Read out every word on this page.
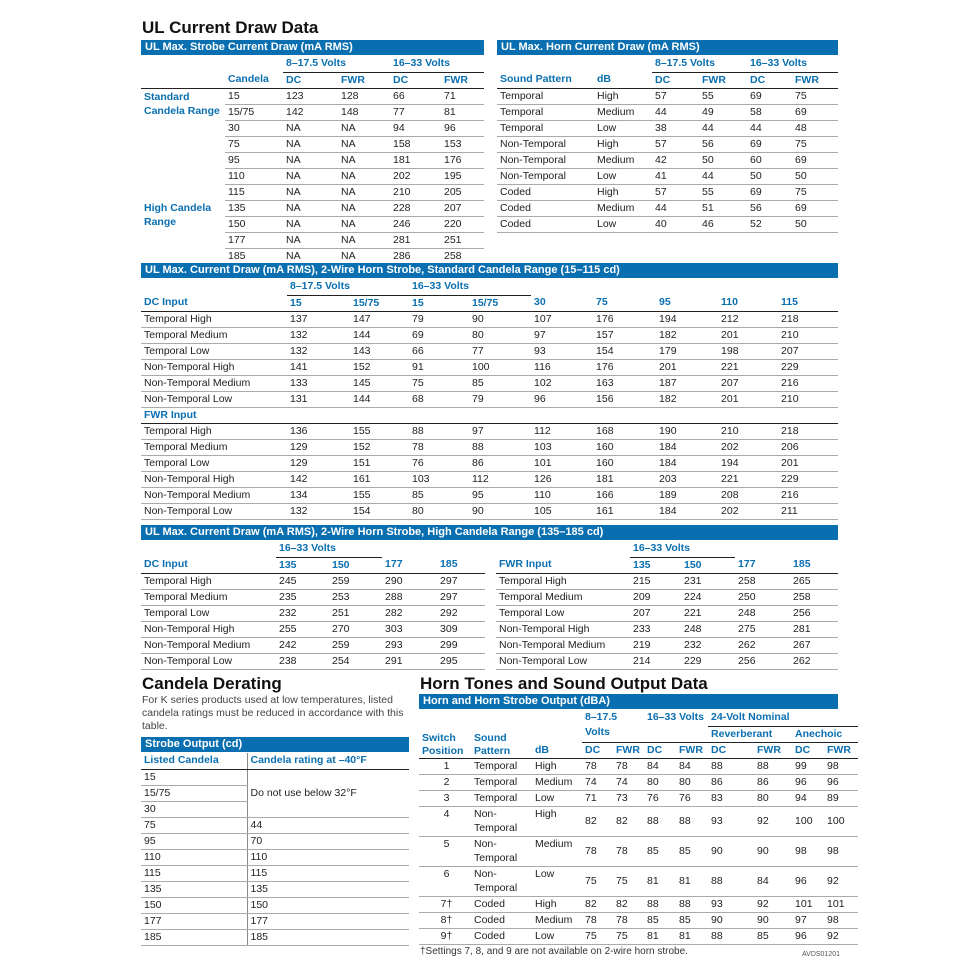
UL Current Draw Data
UL Max. Strobe Current Draw (mA RMS)
		8–17.5 Volts		16–33 Volts	
	Candela	DC	FWR	DC	FWR
Standard Candela Range	15	123	128	66	71
	15/75	142	148	77	81
	30	NA	NA	94	96
	75	NA	NA	158	153
	95	NA	NA	181	176
	110	NA	NA	202	195
	115	NA	NA	210	205
High Candela Range	135	NA	NA	228	207
	150	NA	NA	246	220
	177	NA	NA	281	251
	185	NA	NA	286	258
UL Max. Horn Current Draw (mA RMS)
		8–17.5 Volts		16–33 Volts	
Sound Pattern	dB	DC	FWR	DC	FWR
Temporal	High	57	55	69	75
Temporal	Medium	44	49	58	69
Temporal	Low	38	44	44	48
Non-Temporal	High	57	56	69	75
Non-Temporal	Medium	42	50	60	69
Non-Temporal	Low	41	44	50	50
Coded	High	57	55	69	75
Coded	Medium	44	51	56	69
Coded	Low	40	46	52	50
UL Max. Current Draw (mA RMS), 2-Wire Horn Strobe, Standard Candela Range (15–115 cd)
	8–17.5 Volts		16–33 Volts						
DC Input	15	15/75	15	15/75	30	75	95	110	115
Temporal High	137	147	79	90	107	176	194	212	218
Temporal Medium	132	144	69	80	97	157	182	201	210
Temporal Low	132	143	66	77	93	154	179	198	207
Non-Temporal High	141	152	91	100	116	176	201	221	229
Non-Temporal Medium	133	145	75	85	102	163	187	207	216
Non-Temporal Low	131	144	68	79	96	156	182	201	210
FWR Input									
Temporal High	136	155	88	97	112	168	190	210	218
Temporal Medium	129	152	78	88	103	160	184	202	206
Temporal Low	129	151	76	86	101	160	184	194	201
Non-Temporal High	142	161	103	112	126	181	203	221	229
Non-Temporal Medium	134	155	85	95	110	166	189	208	216
Non-Temporal Low	132	154	80	90	105	161	184	202	211
UL Max. Current Draw (mA RMS), 2-Wire Horn Strobe, High Candela Range (135–185 cd)
	16–33 Volts			
DC Input	135	150	177	185
Temporal High	245	259	290	297
Temporal Medium	235	253	288	297
Temporal Low	232	251	282	292
Non-Temporal High	255	270	303	309
Non-Temporal Medium	242	259	293	299
Non-Temporal Low	238	254	291	295
	16–33 Volts			
FWR Input	135	150	177	185
Temporal High	215	231	258	265
Temporal Medium	209	224	250	258
Temporal Low	207	221	248	256
Non-Temporal High	233	248	275	281
Non-Temporal Medium	219	232	262	267
Non-Temporal Low	214	229	256	262
Candela Derating
For K series products used at low temperatures, listed candela ratings must be reduced in accordance with this table.
Strobe Output (cd)
Listed Candela	Candela rating at –40°F
15	Do not use below 32°F
15/75	
30	
75	44
95	70
110	110
115	115
135	135
150	150
177	177
185	185
Horn Tones and Sound Output Data
Horn and Horn Strobe Output (dBA)
			8–17.5 Volts		16–33 Volts		24-Volt Nominal			
Switch Position	Sound Pattern	dB					Reverberant		Anechoic	
			DC	FWR	DC	FWR	DC	FWR	DC	FWR
1	Temporal	High	78	78	84	84	88	88	99	98
2	Temporal	Medium	74	74	80	80	86	86	96	96
3	Temporal	Low	71	73	76	76	83	80	94	89
4	Non-Temporal	High	82	82	88	88	93	92	100	100
5	Non-Temporal	Medium	78	78	85	85	90	90	98	98
6	Non-Temporal	Low	75	75	81	81	88	84	96	92
7†	Coded	High	82	82	88	88	93	92	101	101
8†	Coded	Medium	78	78	85	85	90	90	97	98
9†	Coded	Low	75	75	81	81	88	85	96	92
†Settings 7, 8, and 9 are not available on 2-wire horn strobe.	AVDS01201
